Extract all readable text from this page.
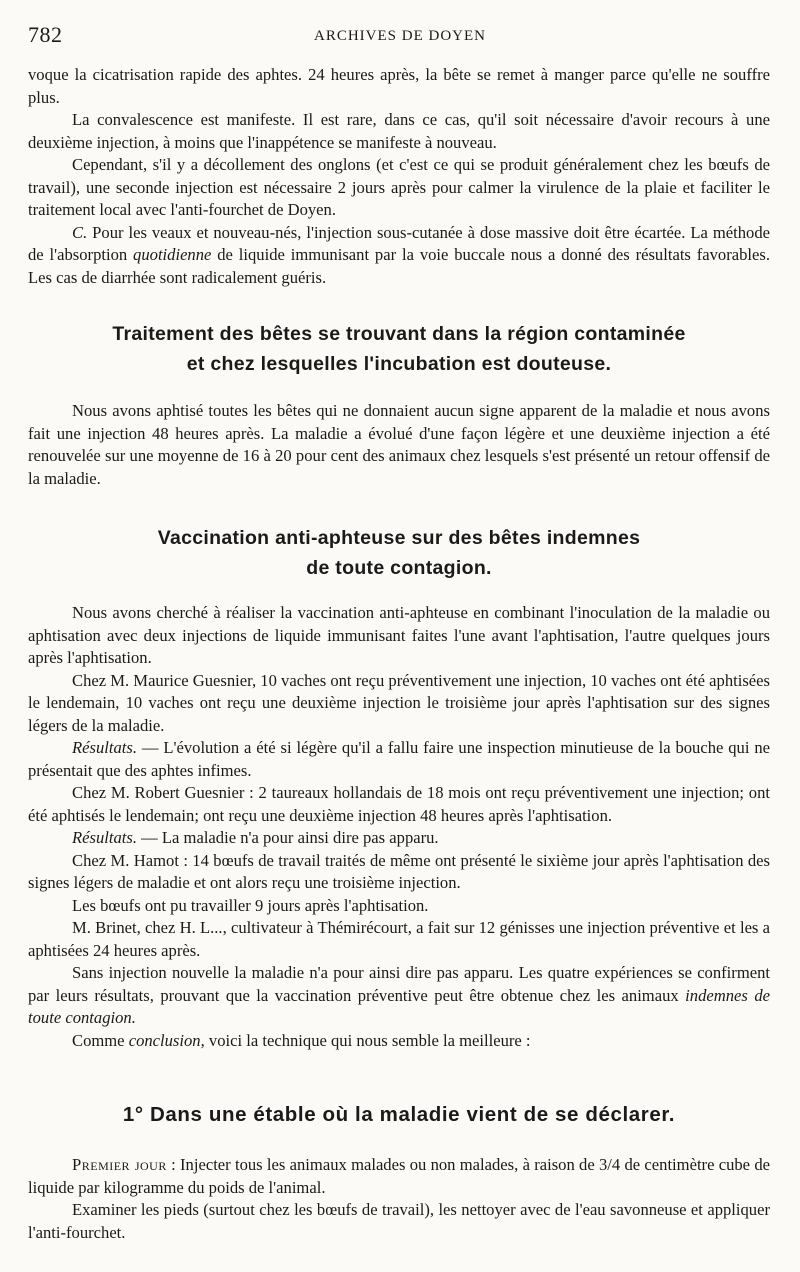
782	ARCHIVES DE DOYEN

voque la cicatrisation rapide des aphtes. 24 heures après, la bête se remet à manger parce qu'elle ne souffre plus.

La convalescence est manifeste. Il est rare, dans ce cas, qu'il soit nécessaire d'avoir recours à une deuxième injection, à moins que l'inappétence se manifeste à nouveau.

Cependant, s'il y a décollement des onglons (et c'est ce qui se produit généralement chez les bœufs de travail), une seconde injection est nécessaire 2 jours après pour calmer la virulence de la plaie et faciliter le traitement local avec l'anti-fourchet de Doyen.

C. Pour les veaux et nouveau-nés, l'injection sous-cutanée à dose massive doit être écartée. La méthode de l'absorption quotidienne de liquide immunisant par la voie buccale nous a donné des résultats favorables. Les cas de diarrhée sont radicalement guéris.

Traitement des bêtes se trouvant dans la région contaminée
et chez lesquelles l'incubation est douteuse.

Nous avons aphtisé toutes les bêtes qui ne donnaient aucun signe apparent de la maladie et nous avons fait une injection 48 heures après. La maladie a évolué d'une façon légère et une deuxième injection a été renouvelée sur une moyenne de 16 à 20 pour cent des animaux chez lesquels s'est présenté un retour offensif de la maladie.

Vaccination anti-aphteuse sur des bêtes indemnes
de toute contagion.

Nous avons cherché à réaliser la vaccination anti-aphteuse en combinant l'inoculation de la maladie ou aphtisation avec deux injections de liquide immunisant faites l'une avant l'aphtisation, l'autre quelques jours après l'aphtisation.

Chez M. Maurice Guesnier, 10 vaches ont reçu préventivement une injection, 10 vaches ont été aphtisées le lendemain, 10 vaches ont reçu une deuxième injection le troisième jour après l'aphtisation sur des signes légers de la maladie.

Résultats. — L'évolution a été si légère qu'il a fallu faire une inspection minutieuse de la bouche qui ne présentait que des aphtes infimes.

Chez M. Robert Guesnier : 2 taureaux hollandais de 18 mois ont reçu préventivement une injection; ont été aphtisés le lendemain; ont reçu une deuxième injection 48 heures après l'aphtisation.

Résultats. — La maladie n'a pour ainsi dire pas apparu.

Chez M. Hamot : 14 bœufs de travail traités de même ont présenté le sixième jour après l'aphtisation des signes légers de maladie et ont alors reçu une troisième injection.

Les bœufs ont pu travailler 9 jours après l'aphtisation.

M. Brinet, chez H. L..., cultivateur à Thémirécourt, a fait sur 12 génisses une injection préventive et les a aphtisées 24 heures après.

Sans injection nouvelle la maladie n'a pour ainsi dire pas apparu. Les quatre expériences se confirment par leurs résultats, prouvant que la vaccination préventive peut être obtenue chez les animaux indemnes de toute contagion.

Comme conclusion, voici la technique qui nous semble la meilleure :

1° Dans une étable où la maladie vient de se déclarer.

Premier jour : Injecter tous les animaux malades ou non malades, à raison de 3/4 de centimètre cube de liquide par kilogramme du poids de l'animal.

Examiner les pieds (surtout chez les bœufs de travail), les nettoyer avec de l'eau savonneuse et appliquer l'anti-fourchet.
